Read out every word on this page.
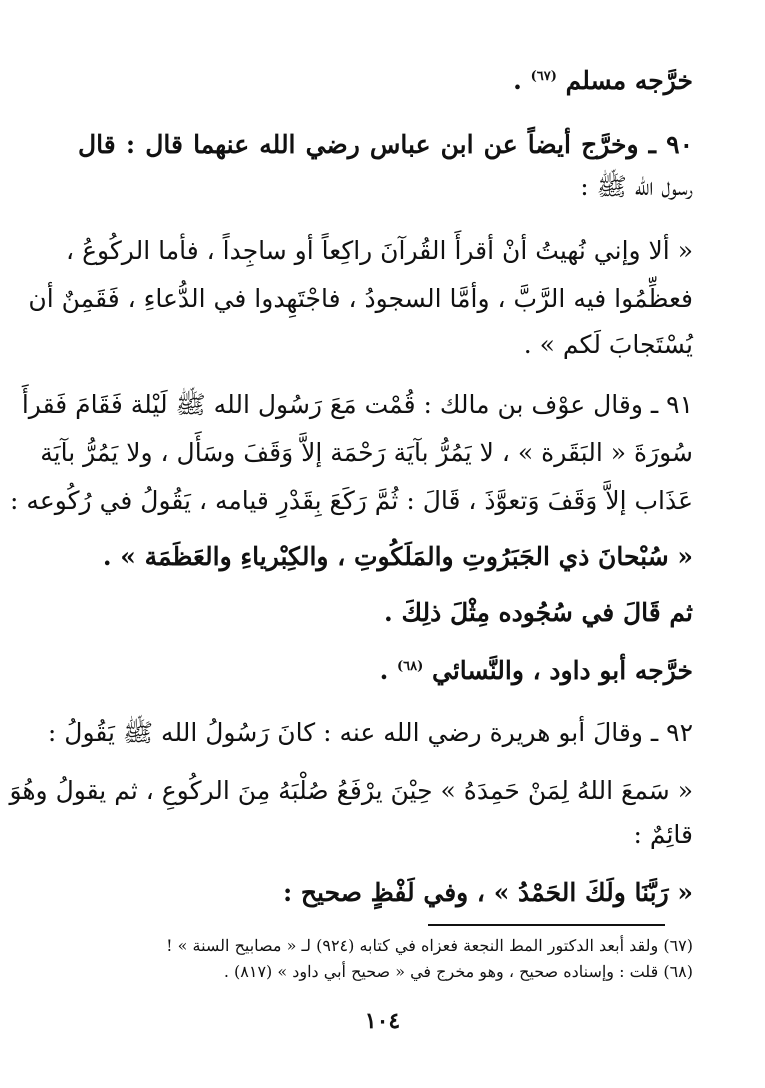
خرَّجه مسلم $^{(٦٧)}$ .
٩٠ ـ وخرَّج أيضاً عن ابن عباس رضي الله عنهما قال : قال
رسول الله ﷺ :
« ألا وإني نُهيتُ أنْ أقرأَ القُرآنَ راكِعاً أو ساجِداً ، فأما الركُوعُ ،
فعظِّمُوا فيه الرَّبَّ ، وأمَّا السجودُ ، فاجْتَهِدوا في الدُّعاءِ ، فَقَمِنٌ أن
يُسْتَجابَ لَكم » .
٩١ ـ وقال عوْف بن مالك : قُمْت مَعَ رَسُول الله ﷺ لَيْلة فَقَامَ فَقرأَ
سُورَةَ « البَقَرة » ، لا يَمُرُّ بآيَة رَحْمَة إلاَّ وَقَفَ وسَأَل ، ولا يَمُرُّ بآيَة
عَذَاب إلاَّ وَقَفَ وَتعوَّذَ ، قَالَ : ثُمَّ رَكَعَ بِقَدْرِ قيامه ، يَقُولُ في رُكُوعه :
« سُبْحانَ ذي الجَبَرُوتِ والمَلَكُوتِ ، والكِبْرياءِ والعَظَمَة » .
ثم قَالَ في سُجُوده مِثْلَ ذلِكَ .
خرَّجه أبو داود ، والنَّسائي $^{(٦٨)}$ .
٩٢ ـ وقالَ أبو هريرة رضي الله عنه : كانَ رَسُولُ الله ﷺ يَقُولُ :
« سَمعَ اللهُ لِمَنْ حَمِدَهُ » حِيْنَ يرْفَعُ صُلْبَهُ مِنَ الركُوعِ ، ثم يقولُ وهُوَ
قائِمٌ :
« رَبَّنَا ولَكَ الحَمْدُ » ، وفي لَفْظٍ صحيح :
(٦٧) ولقد أبعد الدكتور المط النجعة فعزاه في كتابه (٩٢٤) لـ « مصابيح السنة » !
(٦٨) قلت : وإسناده صحيح ، وهو مخرج في « صحيح أبي داود » (٨١٧) .
١٠٤
